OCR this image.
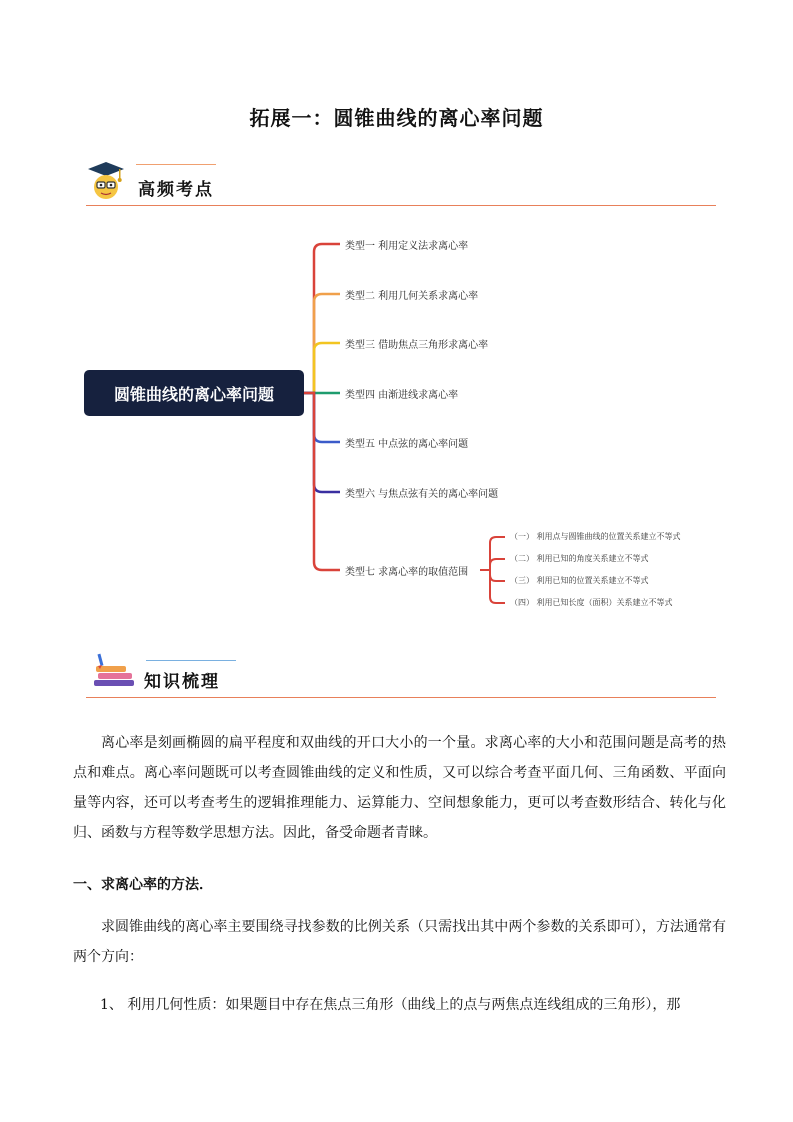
拓展一：圆锥曲线的离心率问题
高频考点
圆锥曲线的离心率问题
类型一 利用定义法求离心率
类型二 利用几何关系求离心率
类型三 借助焦点三角形求离心率
类型四 由渐进线求离心率
类型五 中点弦的离心率问题
类型六 与焦点弦有关的离心率问题
类型七 求离心率的取值范围
（一） 利用点与圆锥曲线的位置关系建立不等式
（二） 利用已知的角度关系建立不等式
（三） 利用已知的位置关系建立不等式
（四） 利用已知长度（面积）关系建立不等式
知识梳理
离心率是刻画椭圆的扁平程度和双曲线的开口大小的一个量。求离心率的大小和范围问题是高考的热点和难点。离心率问题既可以考查圆锥曲线的定义和性质，又可以综合考查平面几何、三角函数、平面向量等内容，还可以考查考生的逻辑推理能力、运算能力、空间想象能力，更可以考查数形结合、转化与化归、函数与方程等数学思想方法。因此，备受命题者青睐。
一、求离心率的方法．
求圆锥曲线的离心率主要围绕寻找参数的比例关系（只需找出其中两个参数的关系即可），方法通常有两个方向：
1、 利用几何性质：如果题目中存在焦点三角形（曲线上的点与两焦点连线组成的三角形），那
